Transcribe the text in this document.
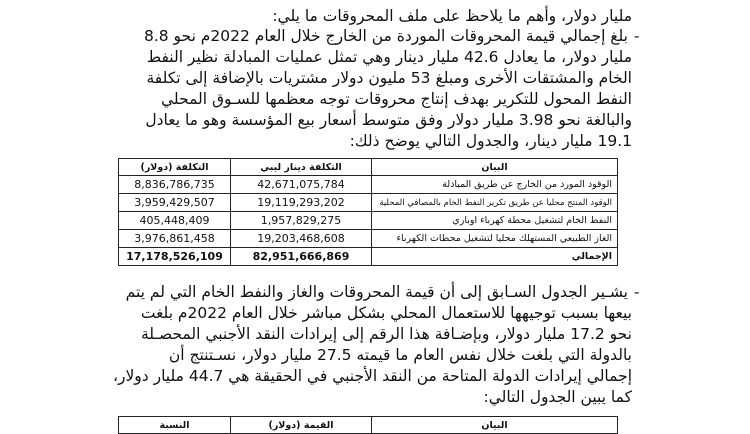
مليار دولار، وأهم ما يلاحظ على ملف المحروقات ما يلي:
-
بلغ إجمالي قيمة المحروقات الموردة من الخارج خلال العام 2022م نحو 8.8
مليار دولار، ما يعادل 42.6 مليار دينار وهي تمثل عمليات المبادلة نظير النفط
الخام والمشتقات الأخرى ومبلغ 53 مليون دولار مشتريات بالإضافة إلى تكلفة
النفط المحول للتكرير بهدف إنتاج محروقات توجه معظمها للسـوق المحلي
والبالغة نحو 3.98 مليار دولار وفق متوسط أسعار بيع المؤسسة وهو ما يعادل
19.1 مليار دينار، والجدول التالي يوضح ذلك:
البيان	التكلفة دينار ليبي	التكلفة (دولار)
الوقود المورد من الخارج عن طريق المبادلة	42,671,075,784	8,836,786,735
الوقود المنتج محليا عن طريق تكرير النفط الخام بالمصافي المحلية	19,119,293,202	3,959,429,507
النفط الخام لتشغيل محطة كهرباء اوباري	1,957,829,275	405,448,409
الغاز الطبيعي المستهلك محليا لتشغيل محطات الكهرباء	19,203,468,608	3,976,861,458
الإجمالي	82,951,666,869	17,178,526,109
-
يشـير الجدول السـابق إلى أن قيمة المحروقات والغاز والنفط الخام التي لم يتم
بيعها بسبب توجيهها للاستعمال المحلي بشكل مباشر خلال العام 2022م بلغت
نحو 17.2 مليار دولار، وبإضـافة هذا الرقم إلى إيرادات النقد الأجنبي المحصـلة
بالدولة التي بلغت خلال نفس العام ما قيمته 27.5 مليار دولار، نسـتنتج أن
إجمالي إيرادات الدولة المتاحة من النقد الأجنبي في الحقيقة هي 44.7 مليار دولار،
كما يبين الجدول التالي:
البيان	القيمة (دولار)	النسبة
